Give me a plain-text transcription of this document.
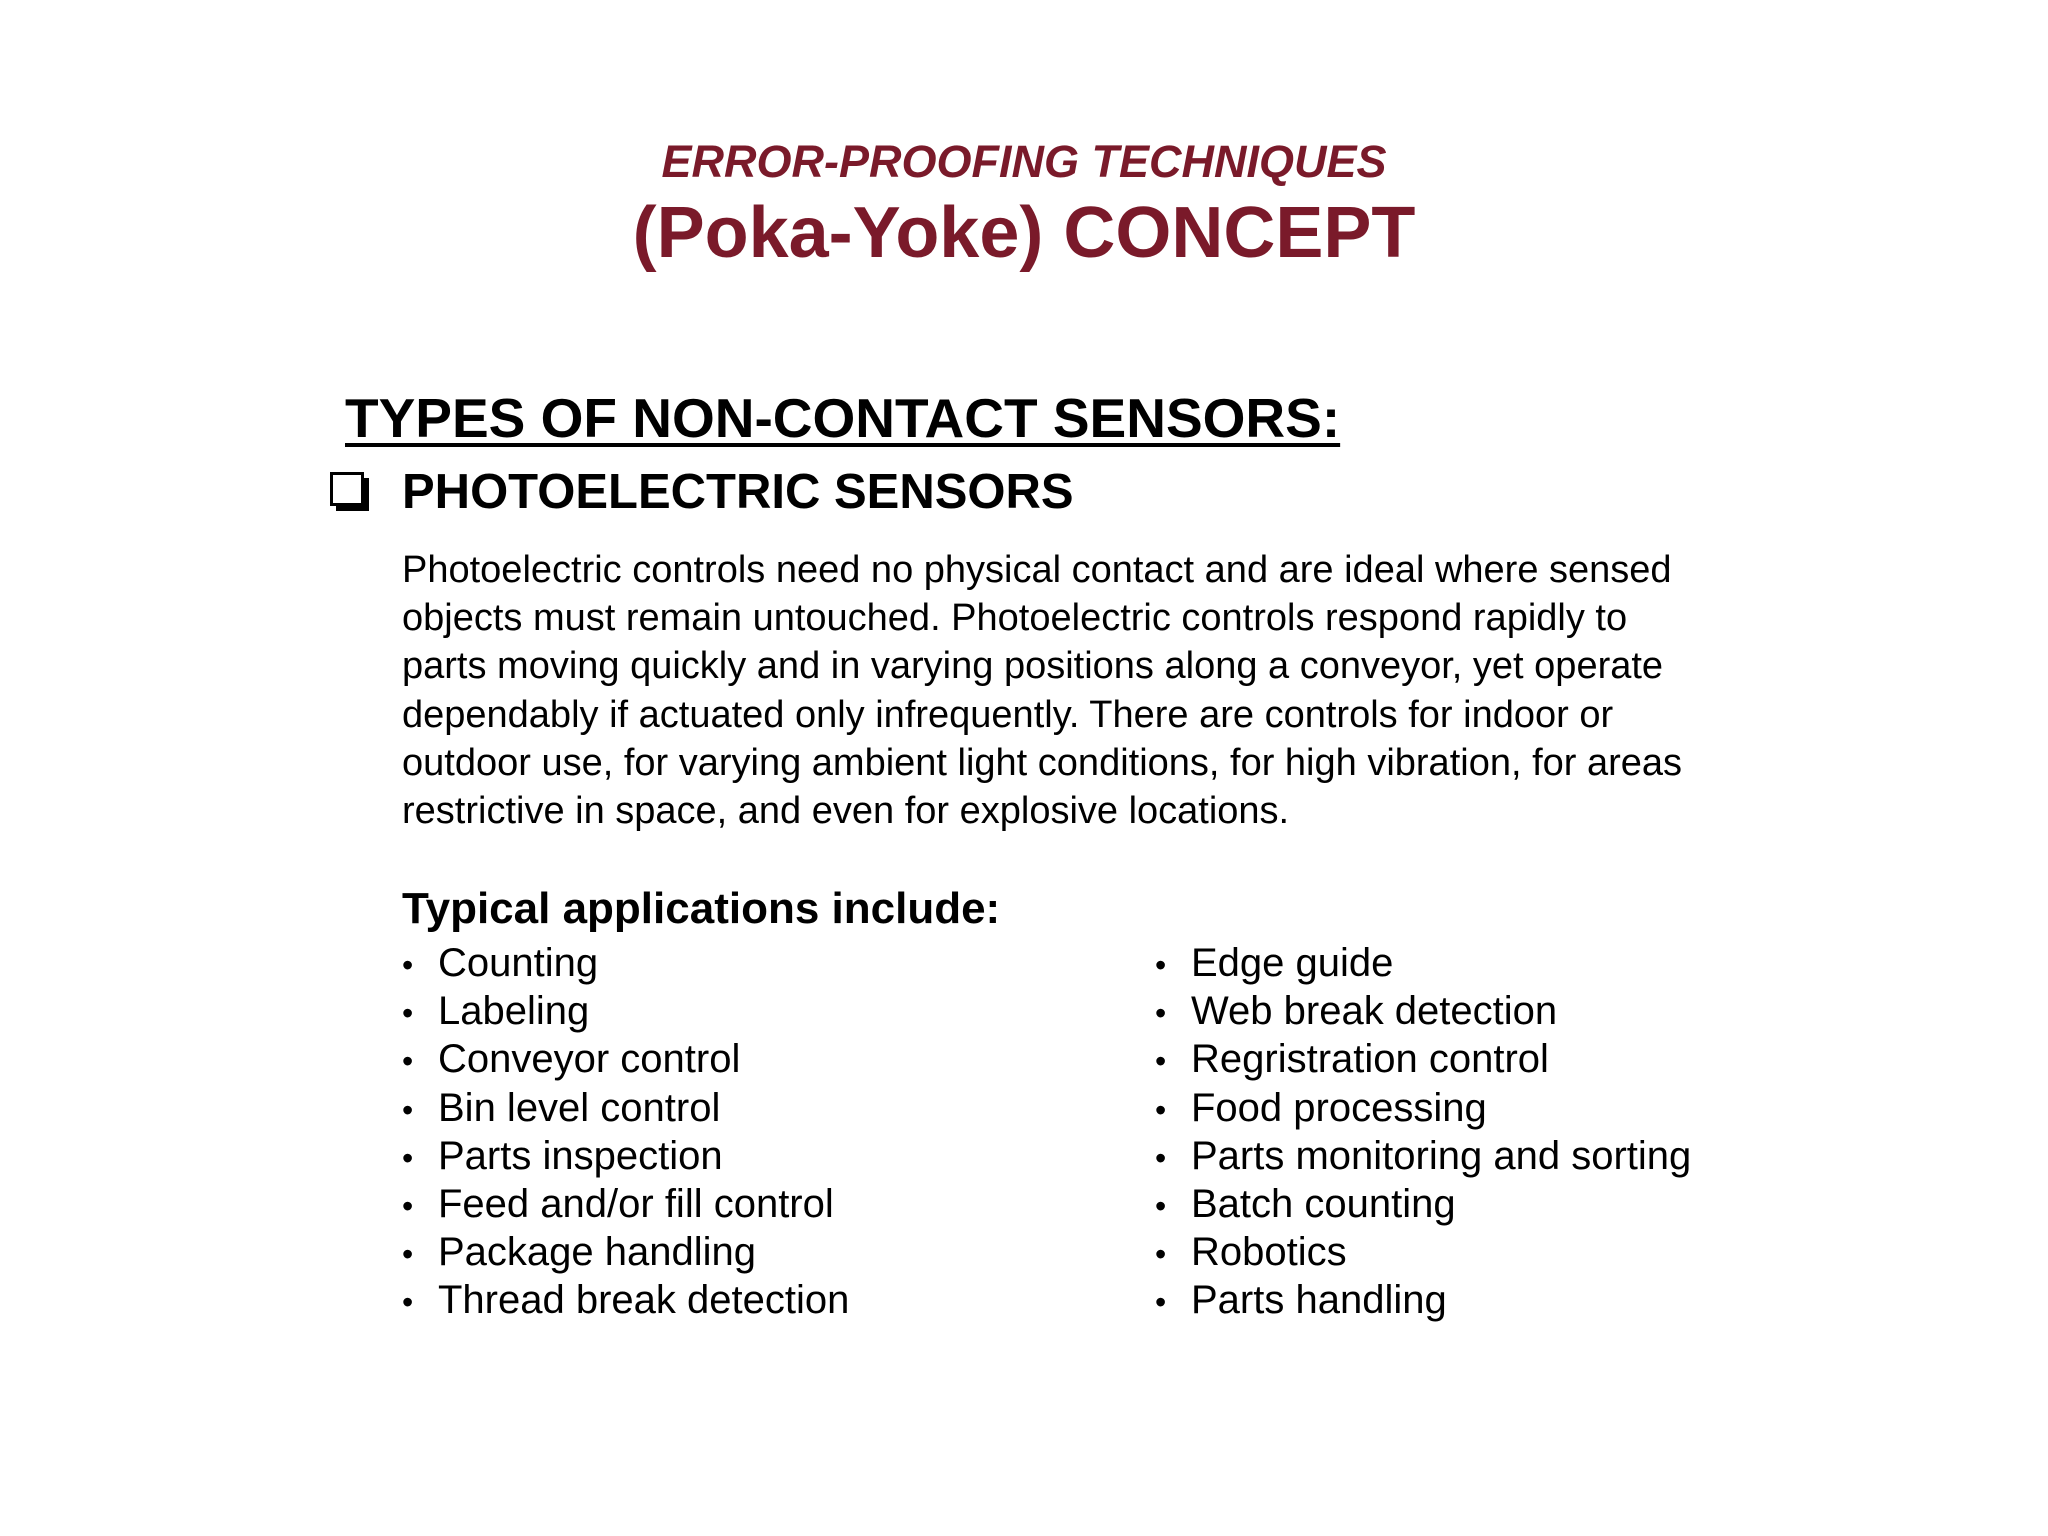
ERROR-PROOFING TECHNIQUES
(Poka-Yoke) CONCEPT
TYPES OF NON-CONTACT SENSORS:
PHOTOELECTRIC SENSORS

Photoelectric controls need no physical contact and are ideal where sensed
objects must remain untouched. Photoelectric controls respond rapidly to
parts moving quickly and in varying positions along a conveyor, yet operate
dependably if actuated only infrequently. There are controls for indoor or
outdoor use, for varying ambient light conditions, for high vibration, for areas
restrictive in space, and even for explosive locations.

Typical applications include:
• Counting
• Labeling
• Conveyor control
• Bin level control
• Parts inspection
• Feed and/or fill control
• Package handling
• Thread break detection
• Edge guide
• Web break detection
• Regristration control
• Food processing
• Parts monitoring and sorting
• Batch counting
• Robotics
• Parts handling
